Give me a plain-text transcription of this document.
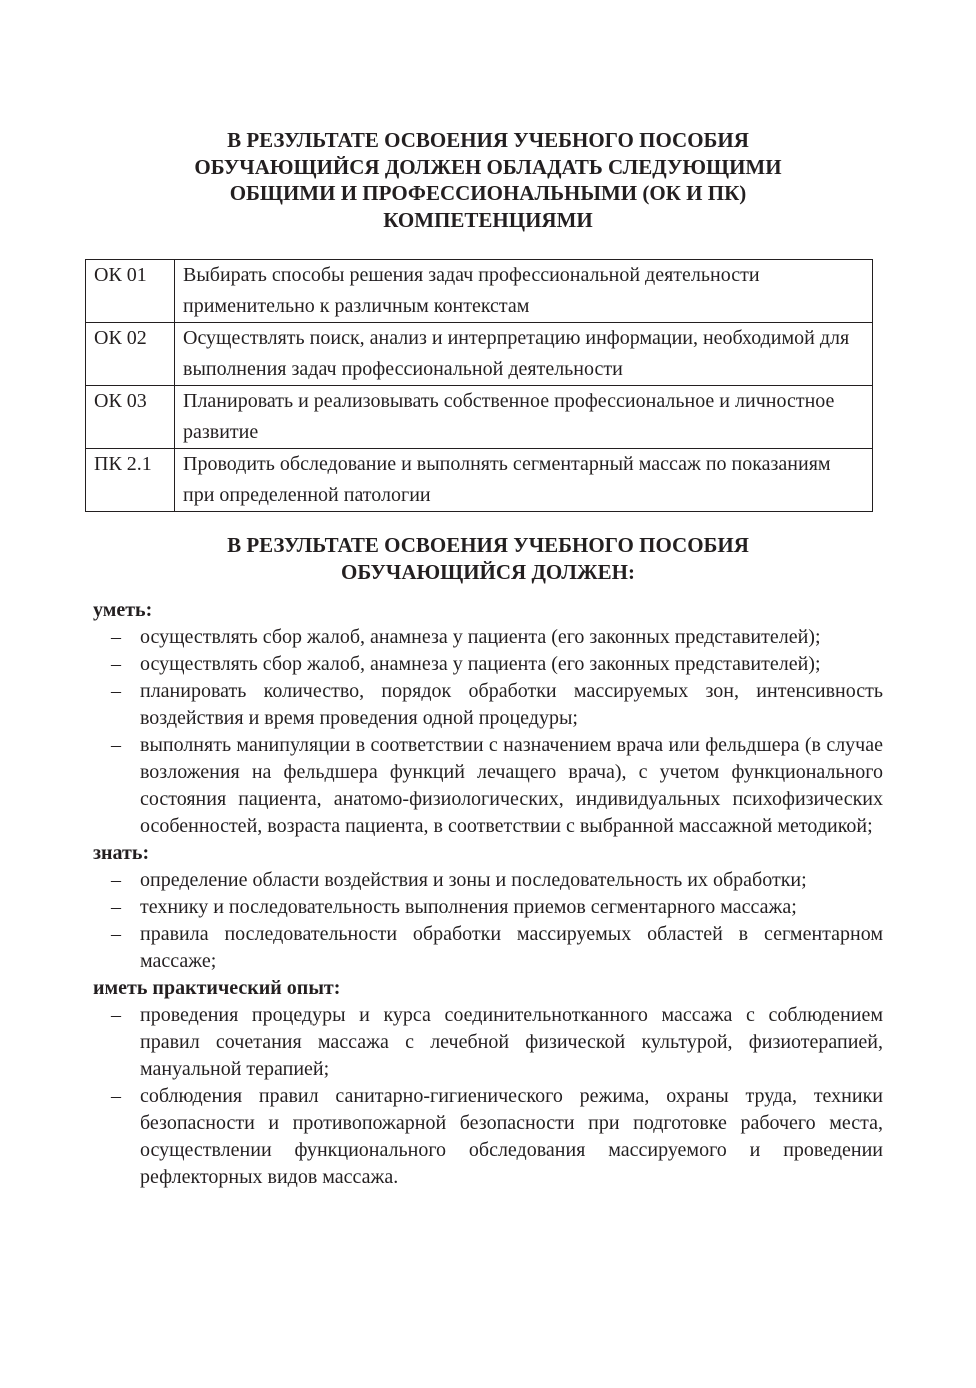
В РЕЗУЛЬТАТЕ ОСВОЕНИЯ УЧЕБНОГО ПОСОБИЯ
ОБУЧАЮЩИЙСЯ ДОЛЖЕН ОБЛАДАТЬ СЛЕДУЮЩИМИ
ОБЩИМИ И ПРОФЕССИОНАЛЬНЫМИ (ОК И ПК)
КОМПЕТЕНЦИЯМИ
ОК 01	Выбирать способы решения задач профессиональной деятельности применительно к различным контекстам
ОК 02	Осуществлять поиск, анализ и интерпретацию информации, необходимой для выполнения задач профессиональной деятельности
ОК 03	Планировать и реализовывать собственное профессиональное и личностное развитие
ПК 2.1	Проводить обследование и выполнять сегментарный массаж по показаниям при определенной патологии
В РЕЗУЛЬТАТЕ ОСВОЕНИЯ УЧЕБНОГО ПОСОБИЯ
ОБУЧАЮЩИЙСЯ ДОЛЖЕН:
уметь:
– осуществлять сбор жалоб, анамнеза у пациента (его законных представителей);
– осуществлять сбор жалоб, анамнеза у пациента (его законных представителей);
– планировать количество, порядок обработки массируемых зон, интенсивность воздействия и время проведения одной процедуры;
– выполнять манипуляции в соответствии с назначением врача или фельдшера (в случае возложения на фельдшера функций лечащего врача), с учетом функционального состояния пациента, анатомо-физиологических, индивидуальных психофизических особенностей, возраста пациента, в соответствии с выбранной массажной методикой;
знать:
– определение области воздействия и зоны и последовательность их обработки;
– технику и последовательность выполнения приемов сегментарного массажа;
– правила последовательности обработки массируемых областей в сегментарном массаже;
иметь практический опыт:
– проведения процедуры и курса соединительнотканного массажа с соблюдением правил сочетания массажа с лечебной физической культурой, физиотерапией, мануальной терапией;
– соблюдения правил санитарно-гигиенического режима, охраны труда, техники безопасности и противопожарной безопасности при подготовке рабочего места, осуществлении функционального обследования массируемого и проведении рефлекторных видов массажа.
